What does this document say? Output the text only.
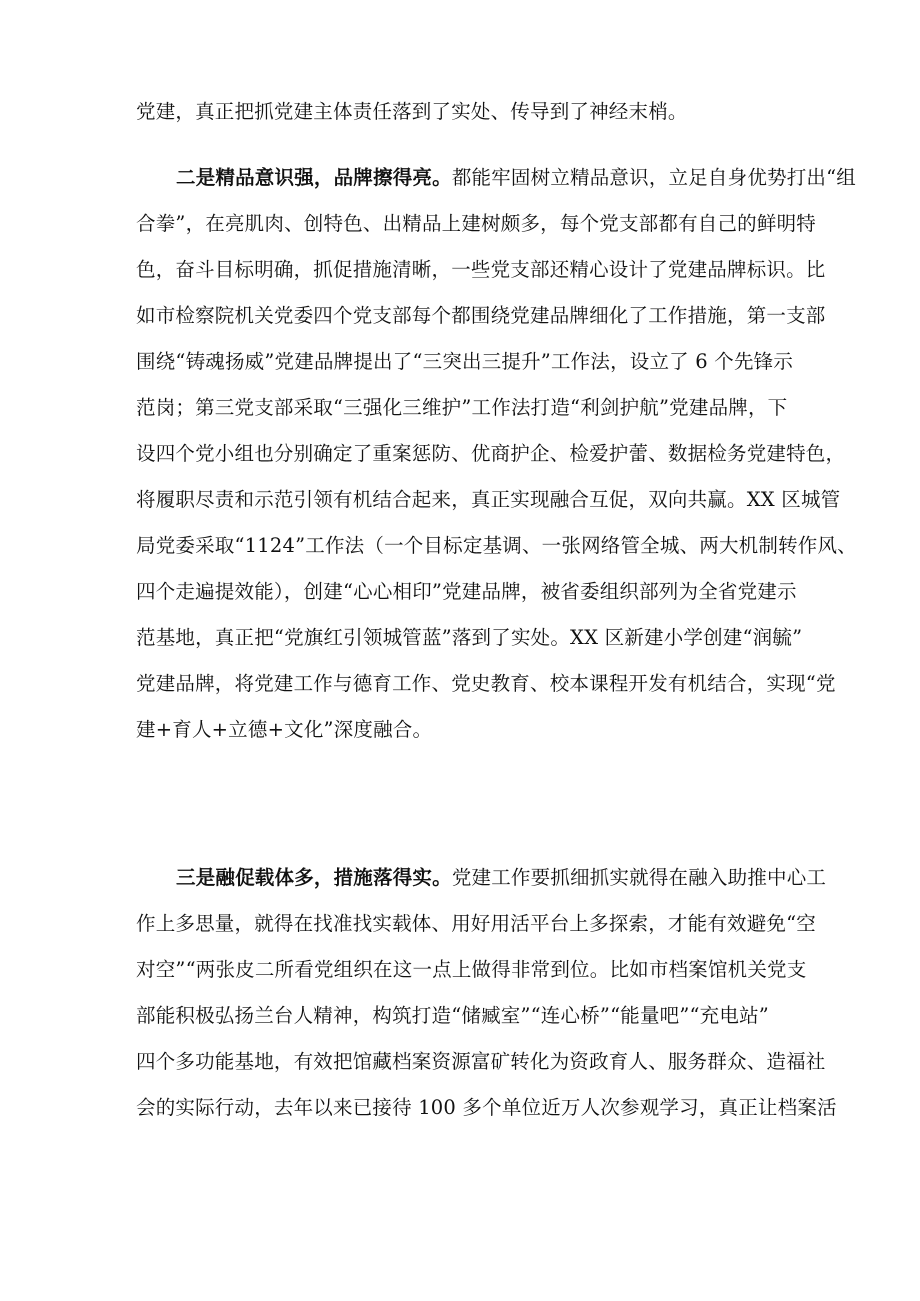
党建，真正把抓党建主体责任落到了实处、传导到了神经末梢。
二是精品意识强，品牌擦得亮。都能牢固树立精品意识，立足自身优势打出“组
合拳”，在亮肌肉、创特色、出精品上建树颇多，每个党支部都有自己的鲜明特
色，奋斗目标明确，抓促措施清晰，一些党支部还精心设计了党建品牌标识。比
如市检察院机关党委四个党支部每个都围绕党建品牌细化了工作措施，第一支部
围绕“铸魂扬威”党建品牌提出了“三突出三提升”工作法，设立了 6 个先锋示
范岗；第三党支部采取“三强化三维护”工作法打造“利剑护航”党建品牌，下
设四个党小组也分别确定了重案惩防、优商护企、检爱护蕾、数据检务党建特色，
将履职尽责和示范引领有机结合起来，真正实现融合互促，双向共赢。XX 区城管
局党委采取“1124”工作法（一个目标定基调、一张网络管全城、两大机制转作风、
四个走遍提效能），创建“心心相印”党建品牌，被省委组织部列为全省党建示
范基地，真正把“党旗红引领城管蓝”落到了实处。XX 区新建小学创建“润毓”
党建品牌，将党建工作与德育工作、党史教育、校本课程开发有机结合，实现“党
建+育人+立德+文化”深度融合。
三是融促载体多，措施落得实。党建工作要抓细抓实就得在融入助推中心工
作上多思量，就得在找准找实载体、用好用活平台上多探索，才能有效避免“空
对空”“两张皮二所看党组织在这一点上做得非常到位。比如市档案馆机关党支
部能积极弘扬兰台人精神，构筑打造“储臧室”“连心桥”“能量吧”“充电站”
四个多功能基地，有效把馆藏档案资源富矿转化为资政育人、服务群众、造福社
会的实际行动，去年以来已接待 100 多个单位近万人次参观学习，真正让档案活
